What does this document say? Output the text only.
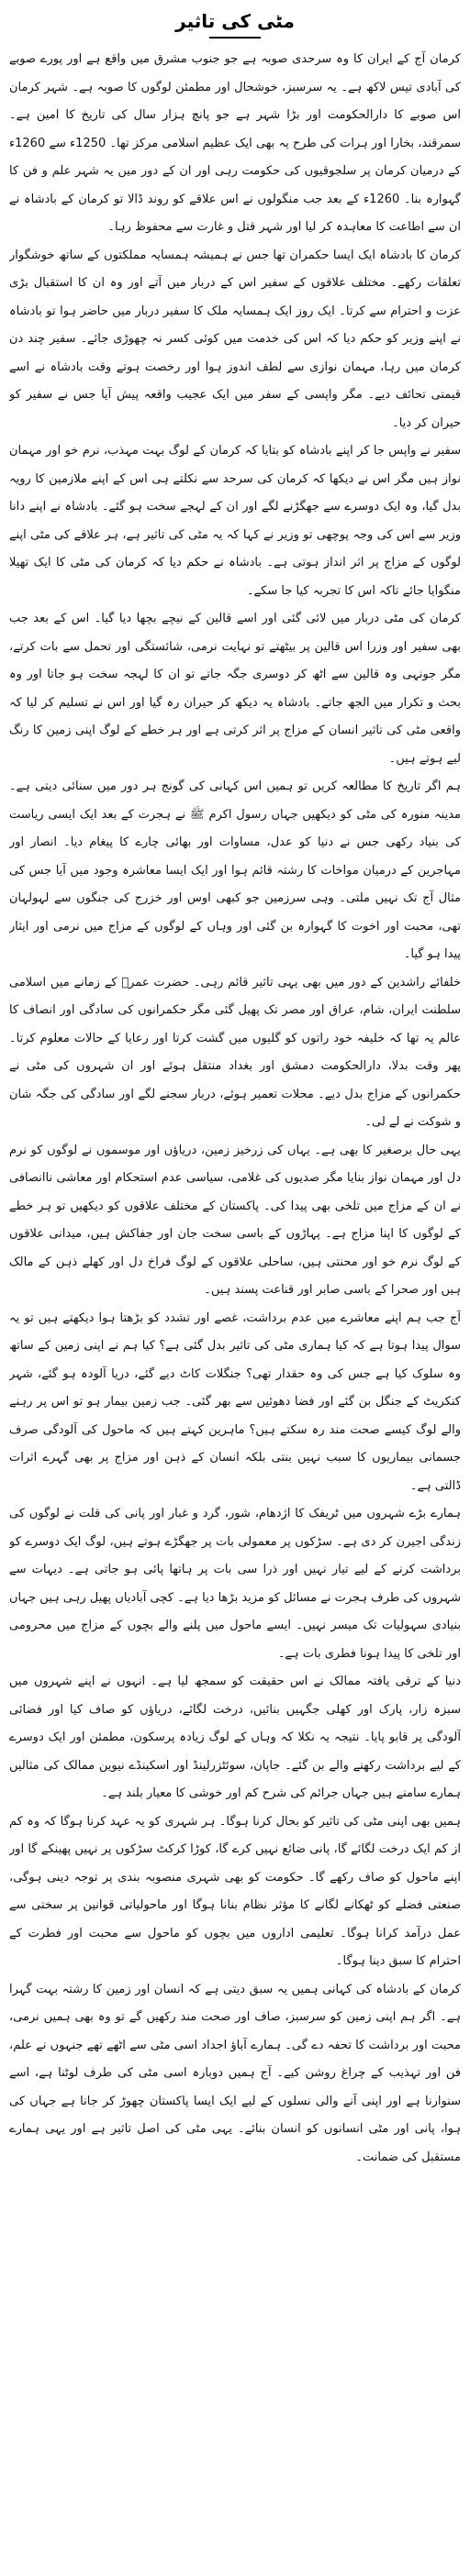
مٹی کی تاثیر

کرمان آج کے ایران کا وہ سرحدی صوبہ ہے جو جنوب مشرق میں واقع ہے اور پورے صوبے کی آبادی تیس لاکھ ہے۔ یہ سرسبز، خوشحال اور مطمئن لوگوں کا صوبہ ہے۔ شہر کرمان اس صوبے کا دارالحکومت اور بڑا شہر ہے جو پانچ ہزار سال کی تاریخ کا امین ہے۔ سمرقند، بخارا اور ہرات کی طرح یہ بھی ایک عظیم اسلامی مرکز تھا۔ 1250ء سے 1260ء کے درمیان کرمان پر سلجوقیوں کی حکومت رہی اور ان کے دور میں یہ شہر علم و فن کا گہوارہ بنا۔ 1260ء کے بعد جب منگولوں نے اس علاقے کو روند ڈالا تو کرمان کے بادشاہ نے ان سے اطاعت کا معاہدہ کر لیا اور شہر قتل و غارت سے محفوظ رہا۔

کرمان کا بادشاہ ایک ایسا حکمران تھا جس نے ہمیشہ ہمسایہ مملکتوں کے ساتھ خوشگوار تعلقات رکھے۔ مختلف علاقوں کے سفیر اس کے دربار میں آتے اور وہ ان کا استقبال بڑی عزت و احترام سے کرتا۔ ایک روز ایک ہمسایہ ملک کا سفیر دربار میں حاضر ہوا تو بادشاہ نے اپنے وزیر کو حکم دیا کہ اس کی خدمت میں کوئی کسر نہ چھوڑی جائے۔ سفیر چند دن کرمان میں رہا، مہمان نوازی سے لطف اندوز ہوا اور رخصت ہوتے وقت بادشاہ نے اسے قیمتی تحائف دیے۔ مگر واپسی کے سفر میں ایک عجیب واقعہ پیش آیا جس نے سفیر کو حیران کر دیا۔

سفیر نے واپس جا کر اپنے بادشاہ کو بتایا کہ کرمان کے لوگ بہت مہذب، نرم خو اور مہمان نواز ہیں مگر اس نے دیکھا کہ کرمان کی سرحد سے نکلتے ہی اس کے اپنے ملازمین کا رویہ بدل گیا، وہ ایک دوسرے سے جھگڑنے لگے اور ان کے لہجے سخت ہو گئے۔ بادشاہ نے اپنے دانا وزیر سے اس کی وجہ پوچھی تو وزیر نے کہا کہ یہ مٹی کی تاثیر ہے، ہر علاقے کی مٹی اپنے لوگوں کے مزاج پر اثر انداز ہوتی ہے۔ بادشاہ نے حکم دیا کہ کرمان کی مٹی کا ایک تھیلا منگوایا جائے تاکہ اس کا تجربہ کیا جا سکے۔

کرمان کی مٹی دربار میں لائی گئی اور اسے قالین کے نیچے بچھا دیا گیا۔ اس کے بعد جب بھی سفیر اور وزرا اس قالین پر بیٹھتے تو نہایت نرمی، شائستگی اور تحمل سے بات کرتے، مگر جونہی وہ قالین سے اٹھ کر دوسری جگہ جاتے تو ان کا لہجہ سخت ہو جاتا اور وہ بحث و تکرار میں الجھ جاتے۔ بادشاہ یہ دیکھ کر حیران رہ گیا اور اس نے تسلیم کر لیا کہ واقعی مٹی کی تاثیر انسان کے مزاج پر اثر کرتی ہے اور ہر خطے کے لوگ اپنی زمین کا رنگ لیے ہوتے ہیں۔

ہم اگر تاریخ کا مطالعہ کریں تو ہمیں اس کہانی کی گونج ہر دور میں سنائی دیتی ہے۔ مدینہ منورہ کی مٹی کو دیکھیں جہاں رسول اکرم ﷺ نے ہجرت کے بعد ایک ایسی ریاست کی بنیاد رکھی جس نے دنیا کو عدل، مساوات اور بھائی چارے کا پیغام دیا۔ انصار اور مہاجرین کے درمیان مواخات کا رشتہ قائم ہوا اور ایک ایسا معاشرہ وجود میں آیا جس کی مثال آج تک نہیں ملتی۔ وہی سرزمین جو کبھی اوس اور خزرج کی جنگوں سے لہولہان تھی، محبت اور اخوت کا گہوارہ بن گئی اور وہاں کے لوگوں کے مزاج میں نرمی اور ایثار پیدا ہو گیا۔

خلفائے راشدین کے دور میں بھی یہی تاثیر قائم رہی۔ حضرت عمرؓ کے زمانے میں اسلامی سلطنت ایران، شام، عراق اور مصر تک پھیل گئی مگر حکمرانوں کی سادگی اور انصاف کا عالم یہ تھا کہ خلیفہ خود راتوں کو گلیوں میں گشت کرتا اور رعایا کے حالات معلوم کرتا۔ پھر وقت بدلا، دارالحکومت دمشق اور بغداد منتقل ہوئے اور ان شہروں کی مٹی نے حکمرانوں کے مزاج بدل دیے۔ محلات تعمیر ہوئے، دربار سجنے لگے اور سادگی کی جگہ شان و شوکت نے لے لی۔

یہی حال برصغیر کا بھی ہے۔ یہاں کی زرخیز زمین، دریاؤں اور موسموں نے لوگوں کو نرم دل اور مہمان نواز بنایا مگر صدیوں کی غلامی، سیاسی عدم استحکام اور معاشی ناانصافی نے ان کے مزاج میں تلخی بھی پیدا کی۔ پاکستان کے مختلف علاقوں کو دیکھیں تو ہر خطے کے لوگوں کا اپنا مزاج ہے۔ پہاڑوں کے باسی سخت جان اور جفاکش ہیں، میدانی علاقوں کے لوگ نرم خو اور محنتی ہیں، ساحلی علاقوں کے لوگ فراخ دل اور کھلے ذہن کے مالک ہیں اور صحرا کے باسی صابر اور قناعت پسند ہیں۔

آج جب ہم اپنے معاشرے میں عدم برداشت، غصے اور تشدد کو بڑھتا ہوا دیکھتے ہیں تو یہ سوال پیدا ہوتا ہے کہ کیا ہماری مٹی کی تاثیر بدل گئی ہے؟ کیا ہم نے اپنی زمین کے ساتھ وہ سلوک کیا ہے جس کی وہ حقدار تھی؟ جنگلات کاٹ دیے گئے، دریا آلودہ ہو گئے، شہر کنکریٹ کے جنگل بن گئے اور فضا دھوئیں سے بھر گئی۔ جب زمین بیمار ہو تو اس پر رہنے والے لوگ کیسے صحت مند رہ سکتے ہیں؟ ماہرین کہتے ہیں کہ ماحول کی آلودگی صرف جسمانی بیماریوں کا سبب نہیں بنتی بلکہ انسان کے ذہن اور مزاج پر بھی گہرے اثرات ڈالتی ہے۔

ہمارے بڑے شہروں میں ٹریفک کا اژدھام، شور، گرد و غبار اور پانی کی قلت نے لوگوں کی زندگی اجیرن کر دی ہے۔ سڑکوں پر معمولی بات پر جھگڑے ہوتے ہیں، لوگ ایک دوسرے کو برداشت کرنے کے لیے تیار نہیں اور ذرا سی بات پر ہاتھا پائی ہو جاتی ہے۔ دیہات سے شہروں کی طرف ہجرت نے مسائل کو مزید بڑھا دیا ہے۔ کچی آبادیاں پھیل رہی ہیں جہاں بنیادی سہولیات تک میسر نہیں۔ ایسے ماحول میں پلنے والے بچوں کے مزاج میں محرومی اور تلخی کا پیدا ہونا فطری بات ہے۔

دنیا کے ترقی یافتہ ممالک نے اس حقیقت کو سمجھ لیا ہے۔ انہوں نے اپنے شہروں میں سبزہ زار، پارک اور کھلی جگہیں بنائیں، درخت لگائے، دریاؤں کو صاف کیا اور فضائی آلودگی پر قابو پایا۔ نتیجہ یہ نکلا کہ وہاں کے لوگ زیادہ پرسکون، مطمئن اور ایک دوسرے کے لیے برداشت رکھنے والے بن گئے۔ جاپان، سوئٹزرلینڈ اور اسکینڈے نیوین ممالک کی مثالیں ہمارے سامنے ہیں جہاں جرائم کی شرح کم اور خوشی کا معیار بلند ہے۔

ہمیں بھی اپنی مٹی کی تاثیر کو بحال کرنا ہوگا۔ ہر شہری کو یہ عہد کرنا ہوگا کہ وہ کم از کم ایک درخت لگائے گا، پانی ضائع نہیں کرے گا، کوڑا کرکٹ سڑکوں پر نہیں پھینکے گا اور اپنے ماحول کو صاف رکھے گا۔ حکومت کو بھی شہری منصوبہ بندی پر توجہ دینی ہوگی، صنعتی فضلے کو ٹھکانے لگانے کا مؤثر نظام بنانا ہوگا اور ماحولیاتی قوانین پر سختی سے عمل درآمد کرانا ہوگا۔ تعلیمی اداروں میں بچوں کو ماحول سے محبت اور فطرت کے احترام کا سبق دینا ہوگا۔

کرمان کے بادشاہ کی کہانی ہمیں یہ سبق دیتی ہے کہ انسان اور زمین کا رشتہ بہت گہرا ہے۔ اگر ہم اپنی زمین کو سرسبز، صاف اور صحت مند رکھیں گے تو وہ بھی ہمیں نرمی، محبت اور برداشت کا تحفہ دے گی۔ ہمارے آباؤ اجداد اسی مٹی سے اٹھے تھے جنہوں نے علم، فن اور تہذیب کے چراغ روشن کیے۔ آج ہمیں دوبارہ اسی مٹی کی طرف لوٹنا ہے، اسے سنوارنا ہے اور اپنی آنے والی نسلوں کے لیے ایک ایسا پاکستان چھوڑ کر جانا ہے جہاں کی ہوا، پانی اور مٹی انسانوں کو انسان بنائے۔ یہی مٹی کی اصل تاثیر ہے اور یہی ہمارے مستقبل کی ضمانت۔
